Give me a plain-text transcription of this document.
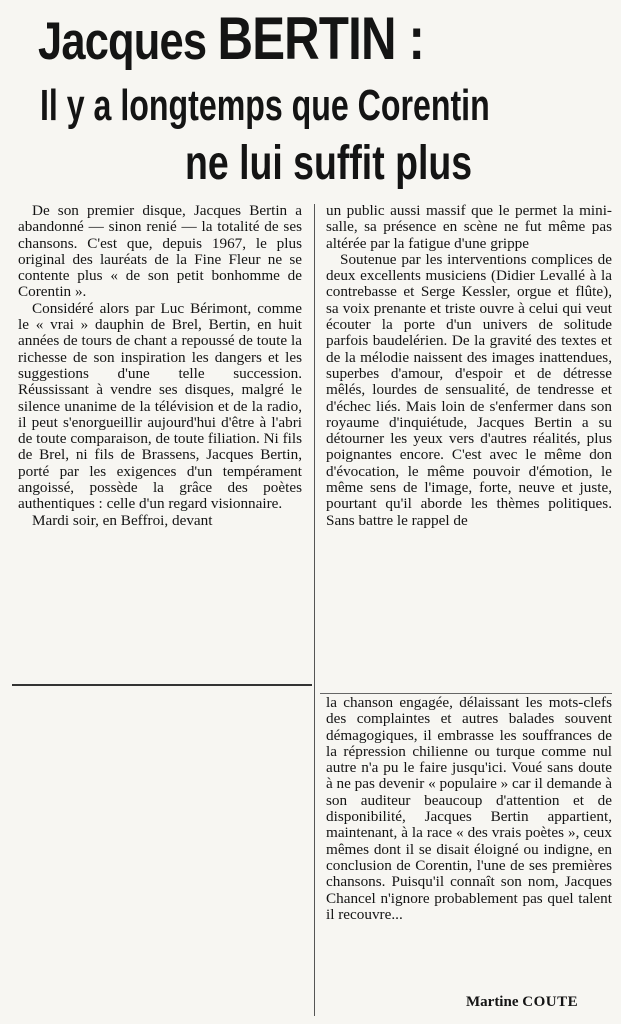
Jacques BERTIN :
Il y a longtemps que Corentin
ne lui suffit plus

De son premier disque, Jacques Bertin a abandonné — sinon renié — la totalité de ses chansons. C'est que, depuis 1967, le plus original des lauréats de la Fine Fleur ne se contente plus « de son petit bonhomme de Corentin ».

Considéré alors par Luc Bérimont, comme le « vrai » dauphin de Brel, Bertin, en huit années de tours de chant a repoussé de toute la richesse de son inspiration les dangers et les suggestions d'une telle succession. Réussissant à vendre ses disques, malgré le silence unanime de la télévision et de la radio, il peut s'enorgueillir aujourd'hui d'être à l'abri de toute comparaison, de toute filiation. Ni fils de Brel, ni fils de Brassens, Jacques Bertin, porté par les exigences d'un tempérament angoissé, possède la grâce des poètes authentiques : celle d'un regard visionnaire.

Mardi soir, en Beffroi, devant

un public aussi massif que le permet la mini-salle, sa présence en scène ne fut même pas altérée par la fatigue d'une grippe

Soutenue par les interventions complices de deux excellents musiciens (Didier Levallé à la contrebasse et Serge Kessler, orgue et flûte), sa voix prenante et triste ouvre à celui qui veut écouter la porte d'un univers de solitude parfois baudelérien. De la gravité des textes et de la mélodie naissent des images inattendues, superbes d'amour, d'espoir et de détresse mêlés, lourdes de sensualité, de tendresse et d'échec liés. Mais loin de s'enfermer dans son royaume d'inquiétude, Jacques Bertin a su détourner les yeux vers d'autres réalités, plus poignantes encore. C'est avec le même don d'évocation, le même pouvoir d'émotion, le même sens de l'image, forte, neuve et juste, pourtant qu'il aborde les thèmes politiques. Sans battre le rappel de

la chanson engagée, délaissant les mots-clefs des complaintes et autres balades souvent démagogiques, il embrasse les souffrances de la répression chilienne ou turque comme nul autre n'a pu le faire jusqu'ici. Voué sans doute à ne pas devenir « populaire » car il demande à son auditeur beaucoup d'attention et de disponibilité, Jacques Bertin appartient, maintenant, à la race « des vrais poètes », ceux mêmes dont il se disait éloigné ou indigne, en conclusion de Corentin, l'une de ses premières chansons. Puisqu'il connaît son nom, Jacques Chancel n'ignore probablement pas quel talent il recouvre...

Martine COUTE
